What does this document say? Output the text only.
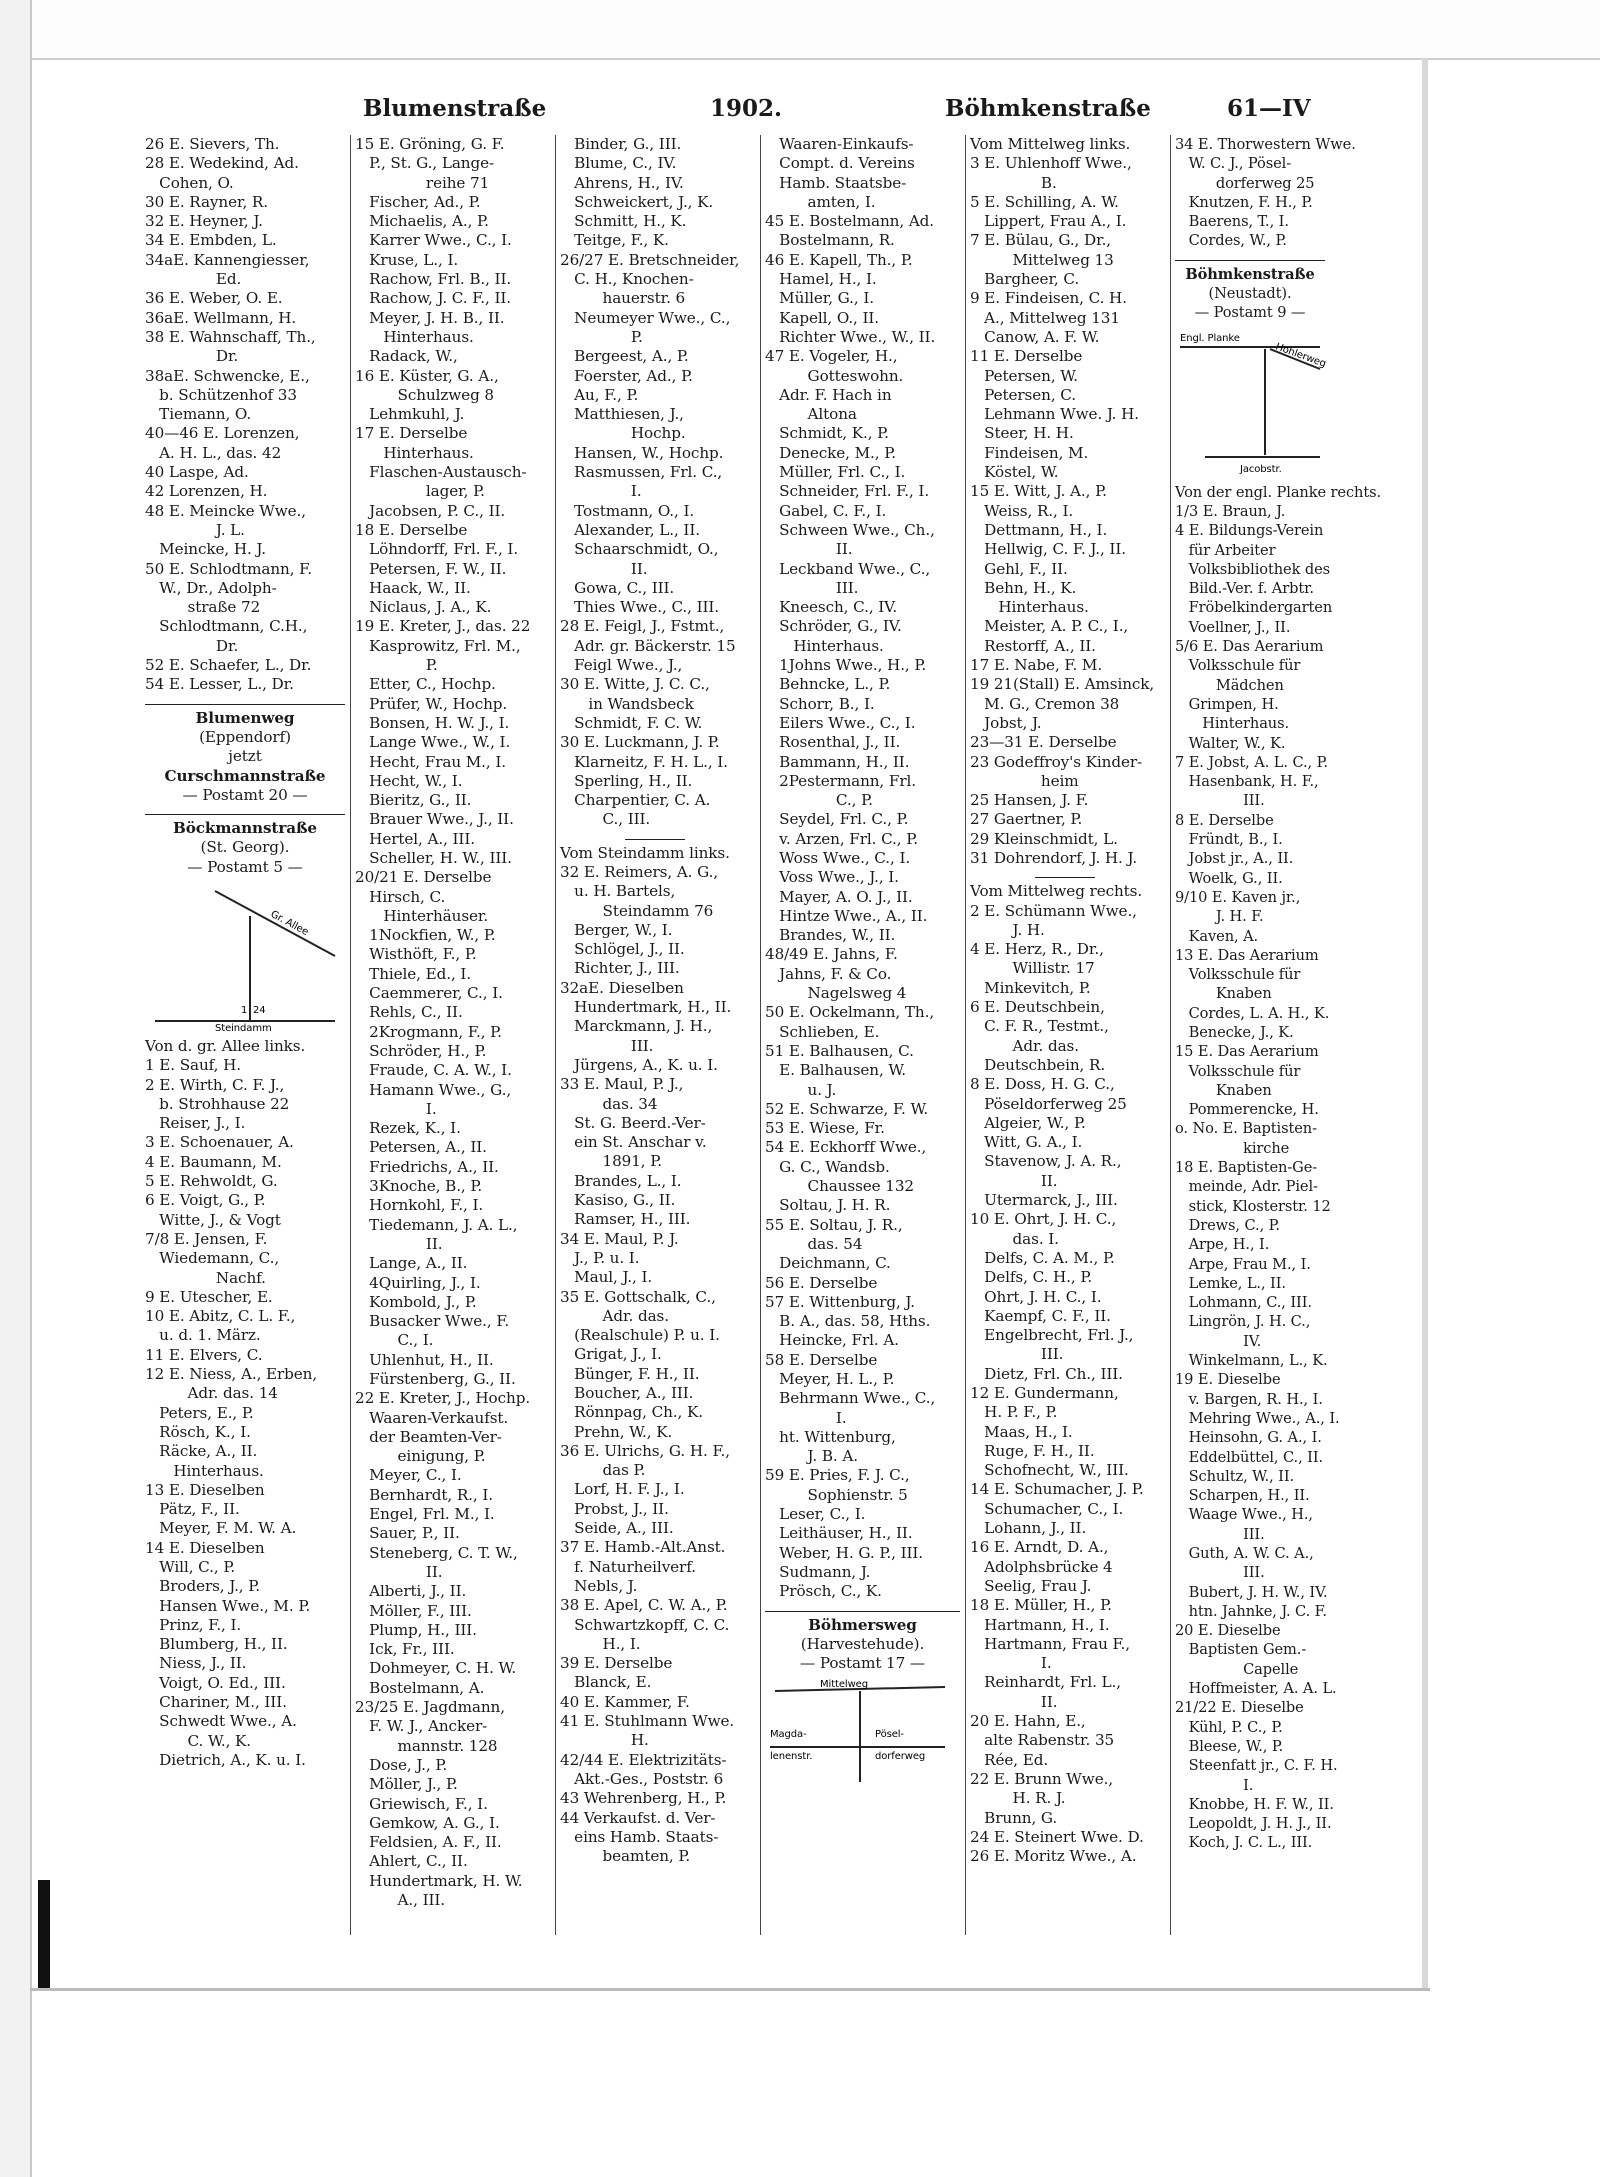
Blumenstraße	1902.	Böhmkenstraße	61—IV

26 E. Sievers, Th.

28 E. Wedekind, Ad.

Cohen, O.

30 E. Rayner, R.

32 E. Heyner, J.

34 E. Embden, L.

34aE. Kannengiesser,

Ed.

36 E. Weber, O. E.

36aE. Wellmann, H.

38 E. Wahnschaff, Th.,

Dr.

38aE. Schwencke, E.,

b. Schützenhof 33

Tiemann, O.

40—46 E. Lorenzen,

A. H. L., das. 42

40 Laspe, Ad.

42 Lorenzen, H.

48 E. Meincke Wwe.,

J. L.

Meincke, H. J.

50 E. Schlodtmann, F.

W., Dr., Adolph-

straße 72

Schlodtmann, C.H.,

Dr.

52 E. Schaefer, L., Dr.

54 E. Lesser, L., Dr.

Blumenweg

(Eppendorf)

jetzt

Curschmannstraße

— Postamt 20 —

Böckmannstraße

(St. Georg).

— Postamt 5 —

Gr. Allee
Steindamm
24
1

Von d. gr. Allee links.

1 E. Sauf, H.

2 E. Wirth, C. F. J.,

b. Strohhause 22

Reiser, J., I.

3 E. Schoenauer, A.

4 E. Baumann, M.

5 E. Rehwoldt, G.

6 E. Voigt, G., P.

Witte, J., & Vogt

7/8 E. Jensen, F.

Wiedemann, C.,

Nachf.

9 E. Utescher, E.

10 E. Abitz, C. L. F.,

u. d. 1. März.

11 E. Elvers, C.

12 E. Niess, A., Erben,

Adr. das. 14

Peters, E., P.

Rösch, K., I.

Räcke, A., II.

Hinterhaus.

13 E. Dieselben

Pätz, F., II.

Meyer, F. M. W. A.

14 E. Dieselben

Will, C., P.

Broders, J., P.

Hansen Wwe., M. P.

Prinz, F., I.

Blumberg, H., II.

Niess, J., II.

Voigt, O. Ed., III.

Chariner, M., III.

Schwedt Wwe., A.

C. W., K.

Dietrich, A., K. u. I.

15 E. Gröning, G. F.

P., St. G., Lange-

reihe 71

Fischer, Ad., P.

Michaelis, A., P.

Karrer Wwe., C., I.

Kruse, L., I.

Rachow, Frl. B., II.

Rachow, J. C. F., II.

Meyer, J. H. B., II.

Hinterhaus.

Radack, W.,

16 E. Küster, G. A.,

Schulzweg 8

Lehmkuhl, J.

17 E. Derselbe

Hinterhaus.

Flaschen-Austausch-

lager, P.

Jacobsen, P. C., II.

18 E. Derselbe

Löhndorff, Frl. F., I.

Petersen, F. W., II.

Haack, W., II.

Niclaus, J. A., K.

19 E. Kreter, J., das. 22

Kasprowitz, Frl. M.,

P.

Etter, C., Hochp.

Prüfer, W., Hochp.

Bonsen, H. W. J., I.

Lange Wwe., W., I.

Hecht, Frau M., I.

Hecht, W., I.

Bieritz, G., II.

Brauer Wwe., J., II.

Hertel, A., III.

Scheller, H. W., III.

20/21 E. Derselbe

Hirsch, C.

Hinterhäuser.

1Nockfien, W., P.

Wisthöft, F., P.

Thiele, Ed., I.

Caemmerer, C., I.

Rehls, C., II.

2Krogmann, F., P.

Schröder, H., P.

Fraude, C. A. W., I.

Hamann Wwe., G.,

I.

Rezek, K., I.

Petersen, A., II.

Friedrichs, A., II.

3Knoche, B., P.

Hornkohl, F., I.

Tiedemann, J. A. L.,

II.

Lange, A., II.

4Quirling, J., I.

Kombold, J., P.

Busacker Wwe., F.

C., I.

Uhlenhut, H., II.

Fürstenberg, G., II.

22 E. Kreter, J., Hochp.

Waaren-Verkaufst.

der Beamten-Ver-

einigung, P.

Meyer, C., I.

Bernhardt, R., I.

Engel, Frl. M., I.

Sauer, P., II.

Steneberg, C. T. W.,

II.

Alberti, J., II.

Möller, F., III.

Plump, H., III.

Ick, Fr., III.

Dohmeyer, C. H. W.

Bostelmann, A.

23/25 E. Jagdmann,

F. W. J., Ancker-

mannstr. 128

Dose, J., P.

Möller, J., P.

Griewisch, F., I.

Gemkow, A. G., I.

Feldsien, A. F., II.

Ahlert, C., II.

Hundertmark, H. W.

A., III.

Binder, G., III.

Blume, C., IV.

Ahrens, H., IV.

Schweickert, J., K.

Schmitt, H., K.

Teitge, F., K.

26/27 E. Bretschneider,

C. H., Knochen-

hauerstr. 6

Neumeyer Wwe., C.,

P.

Bergeest, A., P.

Foerster, Ad., P.

Au, F., P.

Matthiesen, J.,

Hochp.

Hansen, W., Hochp.

Rasmussen, Frl. C.,

I.

Tostmann, O., I.

Alexander, L., II.

Schaarschmidt, O.,

II.

Gowa, C., III.

Thies Wwe., C., III.

28 E. Feigl, J., Fstmt.,

Adr. gr. Bäckerstr. 15

Feigl Wwe., J.,

30 E. Witte, J. C. C.,

in Wandsbeck

Schmidt, F. C. W.

30 E. Luckmann, J. P.

Klarneitz, F. H. L., I.

Sperling, H., II.

Charpentier, C. A.

C., III.

Vom Steindamm links.

32 E. Reimers, A. G.,

u. H. Bartels,

Steindamm 76

Berger, W., I.

Schlögel, J., II.

Richter, J., III.

32aE. Dieselben

Hundertmark, H., II.

Marckmann, J. H.,

III.

Jürgens, A., K. u. I.

33 E. Maul, P. J.,

das. 34

St. G. Beerd.-Ver-

ein St. Anschar v.

1891, P.

Brandes, L., I.

Kasiso, G., II.

Ramser, H., III.

34 E. Maul, P. J.

J., P. u. I.

Maul, J., I.

35 E. Gottschalk, C.,

Adr. das.

(Realschule) P. u. I.

Grigat, J., I.

Bünger, F. H., II.

Boucher, A., III.

Rönnpag, Ch., K.

Prehn, W., K.

36 E. Ulrichs, G. H. F.,

das P.

Lorf, H. F. J., I.

Probst, J., II.

Seide, A., III.

37 E. Hamb.-Alt.Anst.

f. Naturheilverf.

Nebls, J.

38 E. Apel, C. W. A., P.

Schwartzkopff, C. C.

H., I.

39 E. Derselbe

Blanck, E.

40 E. Kammer, F.

41 E. Stuhlmann Wwe.

H.

42/44 E. Elektrizitäts-

Akt.-Ges., Poststr. 6

43 Wehrenberg, H., P.

44 Verkaufst. d. Ver-

eins Hamb. Staats-

beamten, P.

Waaren-Einkaufs-

Compt. d. Vereins

Hamb. Staatsbe-

amten, I.

45 E. Bostelmann, Ad.

Bostelmann, R.

46 E. Kapell, Th., P.

Hamel, H., I.

Müller, G., I.

Kapell, O., II.

Richter Wwe., W., II.

47 E. Vogeler, H.,

Gotteswohn.

Adr. F. Hach in

Altona

Schmidt, K., P.

Denecke, M., P.

Müller, Frl. C., I.

Schneider, Frl. F., I.

Gabel, C. F., I.

Schween Wwe., Ch.,

II.

Leckband Wwe., C.,

III.

Kneesch, C., IV.

Schröder, G., IV.

Hinterhaus.

1Johns Wwe., H., P.

Behncke, L., P.

Schorr, B., I.

Eilers Wwe., C., I.

Rosenthal, J., II.

Bammann, H., II.

2Pestermann, Frl.

C., P.

Seydel, Frl. C., P.

v. Arzen, Frl. C., P.

Woss Wwe., C., I.

Voss Wwe., J., I.

Mayer, A. O. J., II.

Hintze Wwe., A., II.

Brandes, W., II.

48/49 E. Jahns, F.

Jahns, F. & Co.

Nagelsweg 4

50 E. Ockelmann, Th.,

Schlieben, E.

51 E. Balhausen, C.

E. Balhausen, W.

u. J.

52 E. Schwarze, F. W.

53 E. Wiese, Fr.

54 E. Eckhorff Wwe.,

G. C., Wandsb.

Chaussee 132

Soltau, J. H. R.

55 E. Soltau, J. R.,

das. 54

Deichmann, C.

56 E. Derselbe

57 E. Wittenburg, J.

B. A., das. 58, Hths.

Heincke, Frl. A.

58 E. Derselbe

Meyer, H. L., P.

Behrmann Wwe., C.,

I.

ht. Wittenburg,

J. B. A.

59 E. Pries, F. J. C.,

Sophienstr. 5

Leser, C., I.

Leithäuser, H., II.

Weber, H. G. P., III.

Sudmann, J.

Prösch, C., K.

Böhmersweg

(Harvestehude).

— Postamt 17 —

Mittelweg
Magda-
lenenstr.
Pösel-
dorferweg

Vom Mittelweg links.

3 E. Uhlenhoff Wwe.,

B.

5 E. Schilling, A. W.

Lippert, Frau A., I.

7 E. Bülau, G., Dr.,

Mittelweg 13

Barghеer, C.

9 E. Findeisen, C. H.

A., Mittelweg 131

Canow, A. F. W.

11 E. Derselbe

Petersen, W.

Petersen, C.

Lehmann Wwe. J. H.

Steer, H. H.

Findeisen, M.

Köstel, W.

15 E. Witt, J. A., P.

Weiss, R., I.

Dettmann, H., I.

Hellwig, C. F. J., II.

Gehl, F., II.

Behn, H., K.

Hinterhaus.

Meister, A. P. C., I.,

Restorff, A., II.

17 E. Nabe, F. M.

19 21(Stall) E. Amsinck,

M. G., Cremon 38

Jobst, J.

23—31 E. Derselbe

23 Godeffroy's Kinder-

heim

25 Hansen, J. F.

27 Gaertner, P.

29 Kleinschmidt, L.

31 Dohrendorf, J. H. J.

Vom Mittelweg rechts.

2 E. Schümann Wwe.,

J. H.

4 E. Herz, R., Dr.,

Willistr. 17

Minkevitch, P.

6 E. Deutschbein,

C. F. R., Testmt.,

Adr. das.

Deutschbein, R.

8 E. Doss, H. G. C.,

Pöseldorferweg 25

Algeier, W., P.

Witt, G. A., I.

Stavenow, J. A. R.,

II.

Utermarck, J., III.

10 E. Ohrt, J. H. C.,

das. I.

Delfs, C. A. M., P.

Delfs, C. H., P.

Ohrt, J. H. C., I.

Kaempf, C. F., II.

Engelbrecht, Frl. J.,

III.

Dietz, Frl. Ch., III.

12 E. Gundermann,

H. P. F., P.

Maas, H., I.

Ruge, F. H., II.

Schofnecht, W., III.

14 E. Schumacher, J. P.

Schumacher, C., I.

Lohann, J., II.

16 E. Arndt, D. A.,

Adolphsbrücke 4

Seelig, Frau J.

18 E. Müller, H., P.

Hartmann, H., I.

Hartmann, Frau F.,

I.

Reinhardt, Frl. L.,

II.

20 E. Hahn, E.,

alte Rabenstr. 35

Rée, Ed.

22 E. Brunn Wwe.,

H. R. J.

Brunn, G.

24 E. Steinert Wwe. D.

26 E. Moritz Wwe., A.

34 E. Thorwestern Wwe.

W. C. J., Pösel-

dorferweg 25

Knutzen, F. H., P.

Baerens, T., I.

Cordes, W., P.

Böhmkenstraße

(Neustadt).

— Postamt 9 —

Engl. Planke
Hohlerweg
Jacobstr.

Von der engl. Planke rechts.

1/3 E. Braun, J.

4 E. Bildungs-Verein

für Arbeiter

Volksbibliothek des

Bild.-Ver. f. Arbtr.

Fröbelkindergarten

Voellner, J., II.

5/6 E. Das Aerarium

Volksschule für

Mädchen

Grimpen, H.

Hinterhaus.

Walter, W., K.

7 E. Jobst, A. L. C., P.

Hasenbank, H. F.,

III.

8 E. Derselbe

Fründt, B., I.

Jobst jr., A., II.

Woelk, G., II.

9/10 E. Kaven jr.,

J. H. F.

Kaven, A.

13 E. Das Aerarium

Volksschule für

Knaben

Cordes, L. A. H., K.

Benecke, J., K.

15 E. Das Aerarium

Volksschule für

Knaben

Pommerencke, H.

o. No. E. Baptisten-

kirche

18 E. Baptisten-Ge-

meinde, Adr. Piel-

stick, Klosterstr. 12

Drews, C., P.

Arpe, H., I.

Arpe, Frau M., I.

Lemke, L., II.

Lohmann, C., III.

Lingrön, J. H. C.,

IV.

Winkelmann, L., K.

19 E. Dieselbe

v. Bargen, R. H., I.

Mehring Wwe., A., I.

Heinsohn, G. A., I.

Eddelbüttel, C., II.

Schultz, W., II.

Scharpen, H., II.

Waage Wwe., H.,

III.

Guth, A. W. C. A.,

III.

Bubert, J. H. W., IV.

htn. Jahnke, J. C. F.

20 E. Dieselbe

Baptisten Gem.-

Capelle

Hoffmeister, A. A. L.

21/22 E. Dieselbe

Kühl, P. C., P.

Bleese, W., P.

Steenfatt jr., C. F. H.

I.

Knobbe, H. F. W., II.

Leopoldt, J. H. J., II.

Koch, J. C. L., III.
